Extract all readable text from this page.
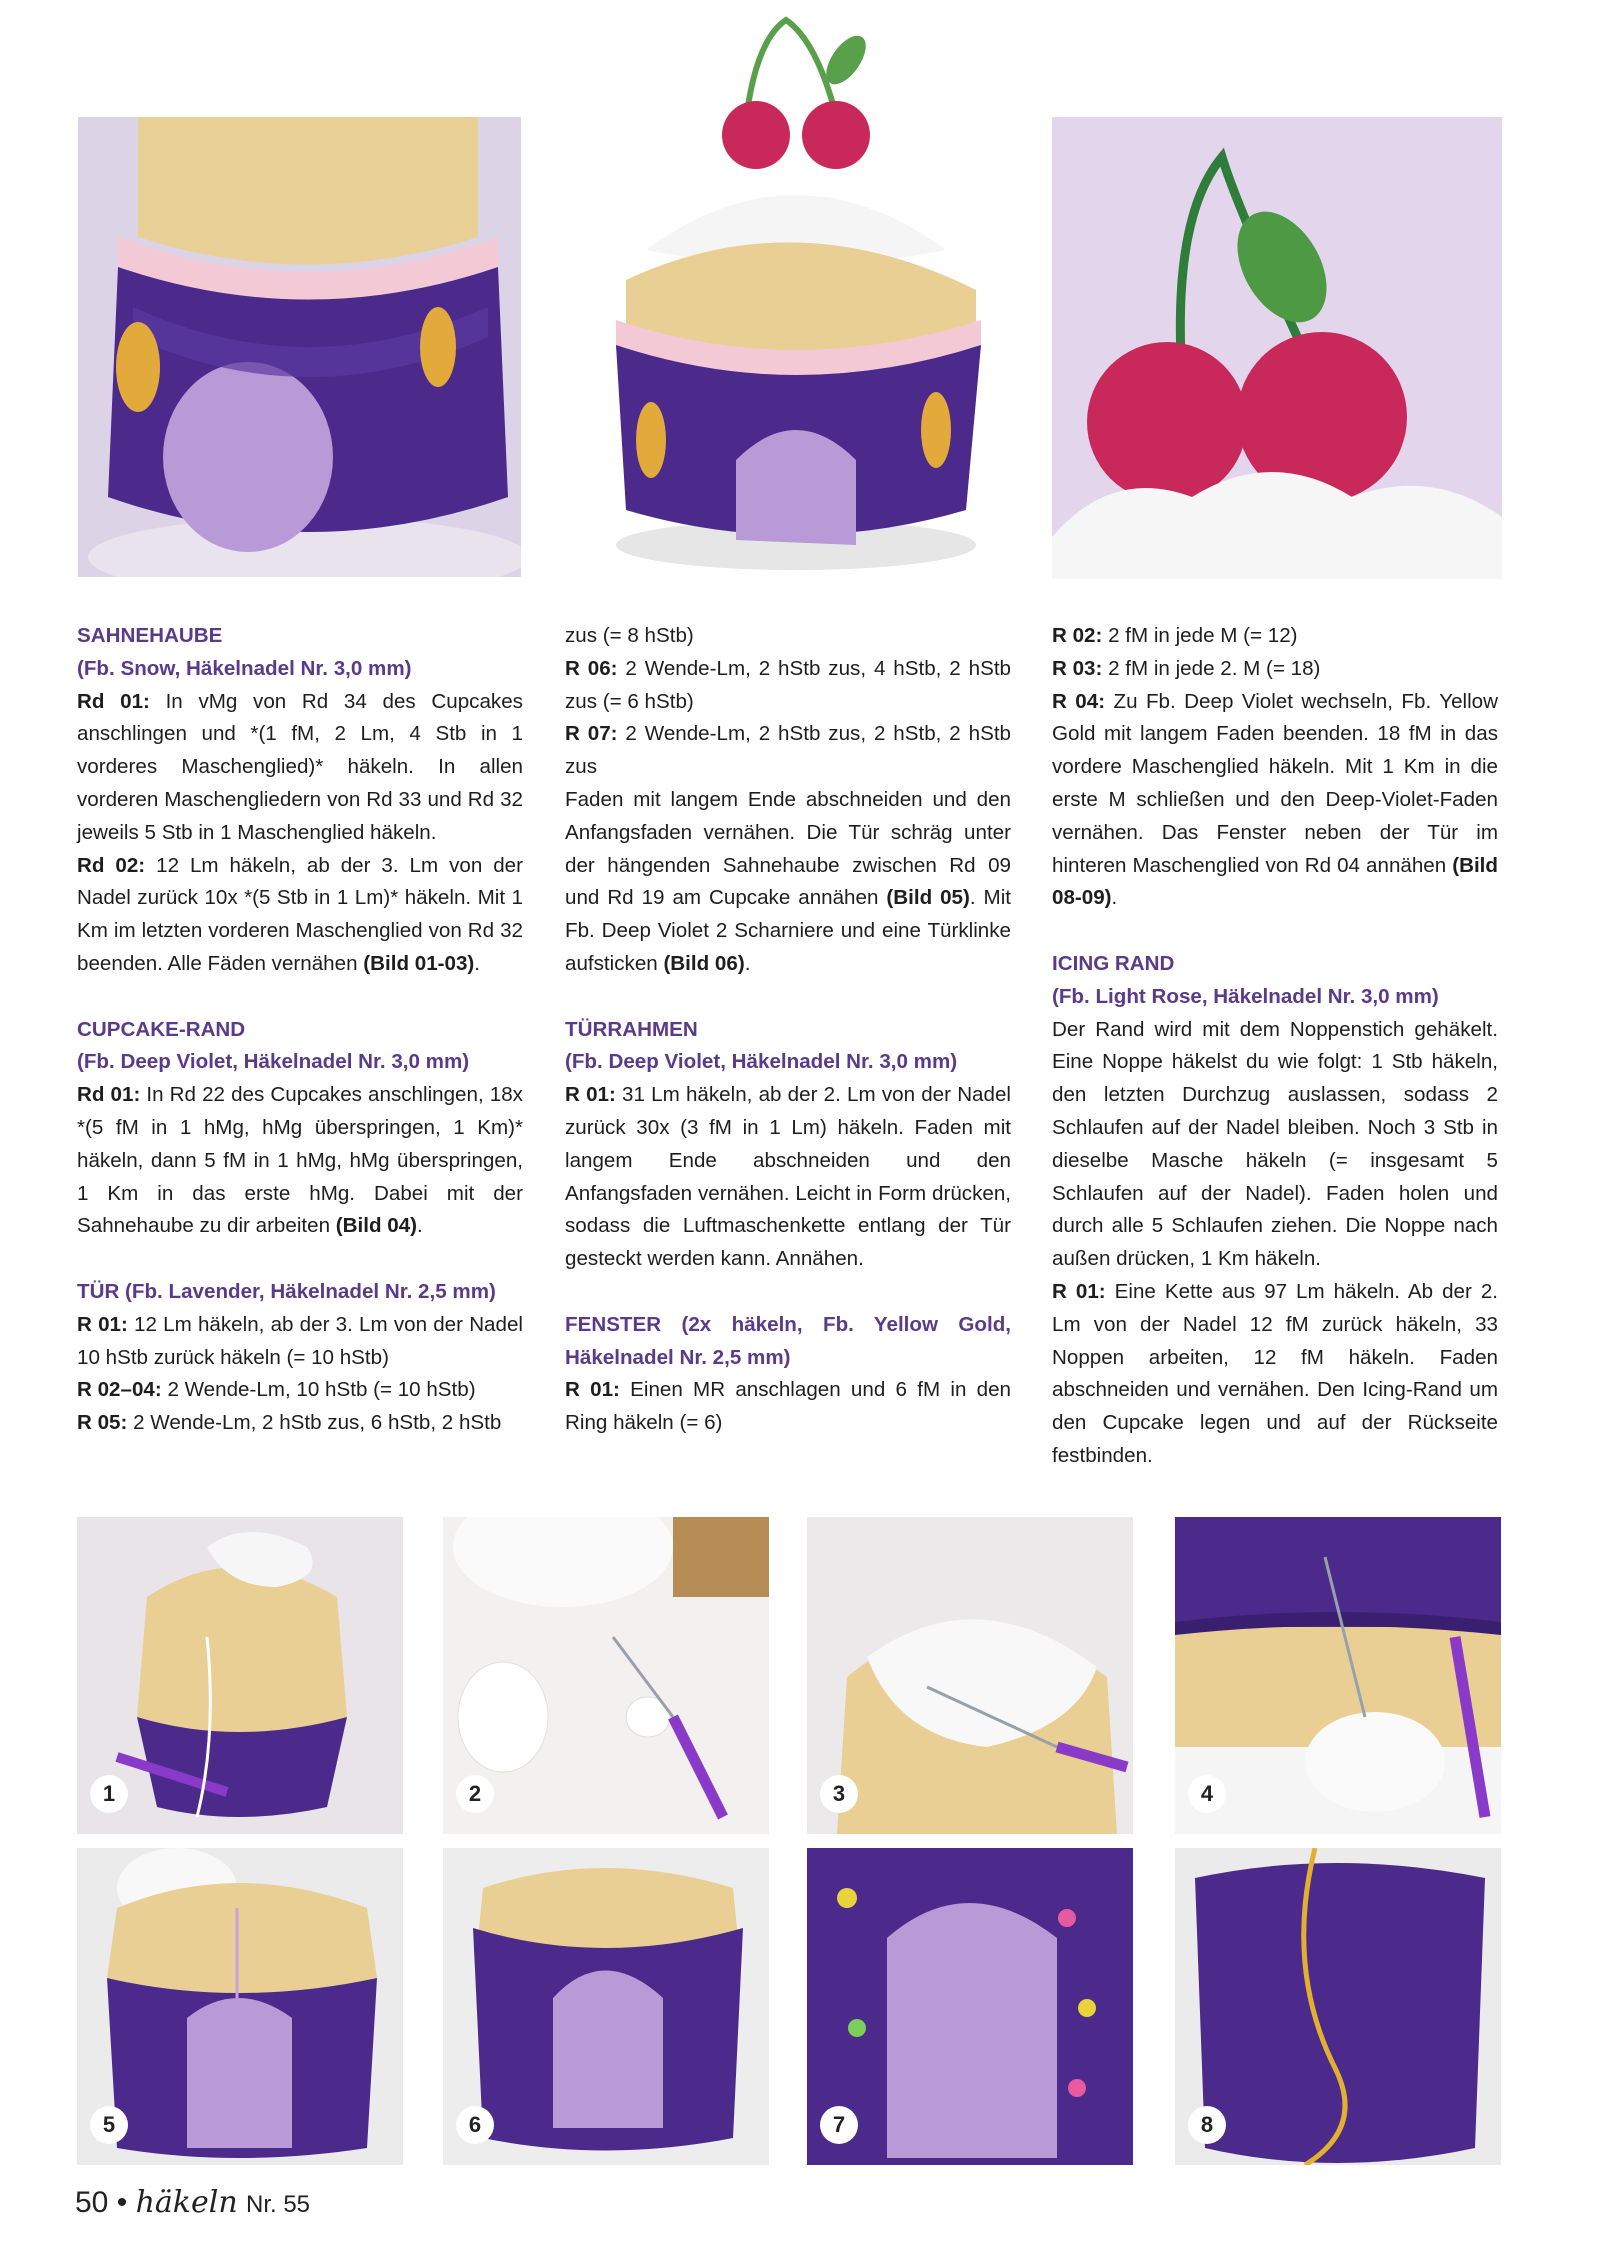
SAHNEHAUBE

(Fb. Snow, Häkelnadel Nr. 3,0 mm)

Rd 01: In vMg von Rd 34 des Cupcakes anschlingen und *(1 fM, 2 Lm, 4 Stb in 1 vorderes Maschenglied)* häkeln. In allen vorderen Maschengliedern von Rd 33 und Rd 32 jeweils 5 Stb in 1 Maschenglied häkeln.

Rd 02: 12 Lm häkeln, ab der 3. Lm von der Nadel zurück 10x *(5 Stb in 1 Lm)* häkeln. Mit 1 Km im letzten vorderen Maschenglied von Rd 32 beenden. Alle Fäden vernähen (Bild 01-03).

CUPCAKE-RAND

(Fb. Deep Violet, Häkelnadel Nr. 3,0 mm)

Rd 01: In Rd 22 des Cupcakes anschlingen, 18x *(5 fM in 1 hMg, hMg überspringen, 1 Km)* häkeln, dann 5 fM in 1 hMg, hMg überspringen, 1 Km in das erste hMg. Dabei mit der Sahnehaube zu dir arbeiten (Bild 04).

TÜR (Fb. Lavender, Häkelnadel Nr. 2,5 mm)

R 01: 12 Lm häkeln, ab der 3. Lm von der Nadel 10 hStb zurück häkeln (= 10 hStb)

R 02–04: 2 Wende-Lm, 10 hStb (= 10 hStb)

R 05: 2 Wende-Lm, 2 hStb zus, 6 hStb, 2 hStb

zus (= 8 hStb)

R 06: 2 Wende-Lm, 2 hStb zus, 4 hStb, 2 hStb zus (= 6 hStb)

R 07: 2 Wende-Lm, 2 hStb zus, 2 hStb, 2 hStb zus

Faden mit langem Ende abschneiden und den Anfangsfaden vernähen. Die Tür schräg unter der hängenden Sahnehaube zwischen Rd 09 und Rd 19 am Cupcake annähen (Bild 05). Mit Fb. Deep Violet 2 Scharniere und eine Türklinke aufsticken (Bild 06).

TÜRRAHMEN

(Fb. Deep Violet, Häkelnadel Nr. 3,0 mm)

R 01: 31 Lm häkeln, ab der 2. Lm von der Nadel zurück 30x (3 fM in 1 Lm) häkeln. Faden mit langem Ende abschneiden und den Anfangsfaden vernähen. Leicht in Form drücken, sodass die Luftmaschenkette entlang der Tür gesteckt werden kann. Annähen.

FENSTER (2x häkeln, Fb. Yellow Gold, Häkelnadel Nr. 2,5 mm)

R 01: Einen MR anschlagen und 6 fM in den Ring häkeln (= 6)

R 02: 2 fM in jede M (= 12)

R 03: 2 fM in jede 2. M (= 18)

R 04: Zu Fb. Deep Violet wechseln, Fb. Yellow Gold mit langem Faden beenden. 18 fM in das vordere Maschenglied häkeln. Mit 1 Km in die erste M schließen und den Deep-Violet-Faden vernähen. Das Fenster neben der Tür im hinteren Maschenglied von Rd 04 annähen (Bild 08-09).

ICING RAND

(Fb. Light Rose, Häkelnadel Nr. 3,0 mm)

Der Rand wird mit dem Noppenstich gehäkelt. Eine Noppe häkelst du wie folgt: 1 Stb häkeln, den letzten Durchzug auslassen, sodass 2 Schlaufen auf der Nadel bleiben. Noch 3 Stb in dieselbe Masche häkeln (= insgesamt 5 Schlaufen auf der Nadel). Faden holen und durch alle 5 Schlaufen ziehen. Die Noppe nach außen drücken, 1 Km häkeln.

R 01: Eine Kette aus 97 Lm häkeln. Ab der 2. Lm von der Nadel 12 fM zurück häkeln, 33 Noppen arbeiten, 12 fM häkeln. Faden abschneiden und vernähen. Den Icing-Rand um den Cupcake legen und auf der Rückseite festbinden.

1	2	3	4
5	6	7	8
50 • häkeln Nr. 55
